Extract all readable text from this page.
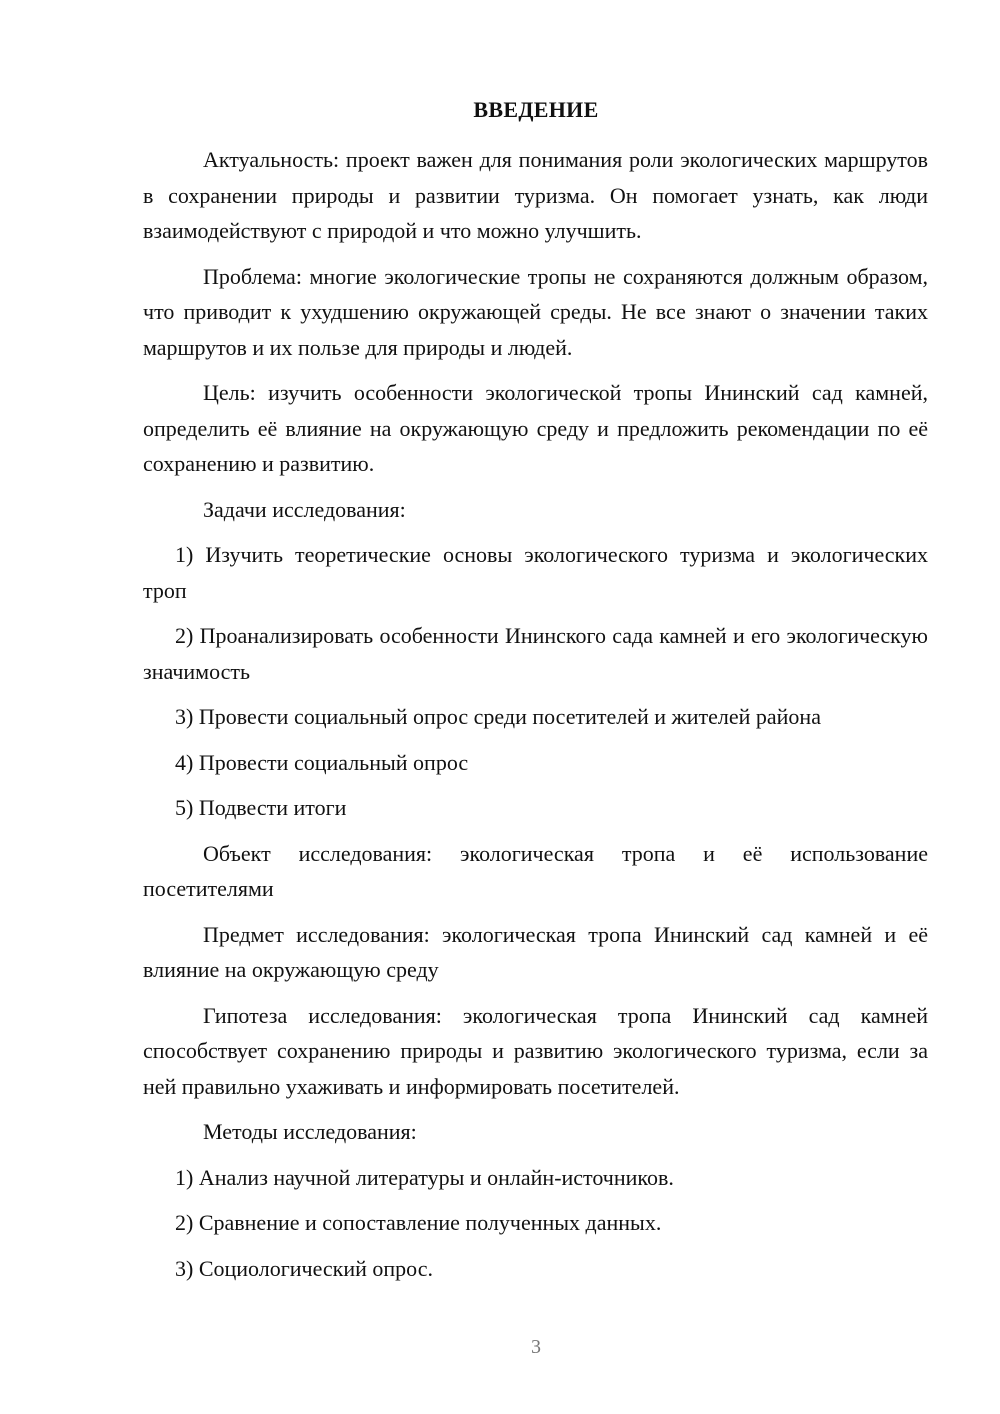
ВВЕДЕНИЕ

Актуальность: проект важен для понимания роли экологических маршрутов в сохранении природы и развитии туризма. Он помогает узнать, как люди взаимодействуют с природой и что можно улучшить.

Проблема: многие экологические тропы не сохраняются должным образом, что приводит к ухудшению окружающей среды. Не все знают о значении таких маршрутов и их пользе для природы и людей.

Цель: изучить особенности экологической тропы Ининский сад камней, определить её влияние на окружающую среду и предложить рекомендации по её сохранению и развитию.

Задачи исследования:

1) Изучить теоретические основы экологического туризма и экологических троп

2) Проанализировать особенности Ининского сада камней и его экологическую значимость

3) Провести социальный опрос среди посетителей и жителей района

4) Провести социальный опрос

5) Подвести итоги

Объект исследования: экологическая тропа и её использование посетителями

Предмет исследования: экологическая тропа Ининский сад камней и её влияние на окружающую среду

Гипотеза исследования: экологическая тропа Ининский сад камней способствует сохранению природы и развитию экологического туризма, если за ней правильно ухаживать и информировать посетителей.

Методы исследования:

1) Анализ научной литературы и онлайн-источников.

2) Сравнение и сопоставление полученных данных.

3) Социологический опрос.

3
